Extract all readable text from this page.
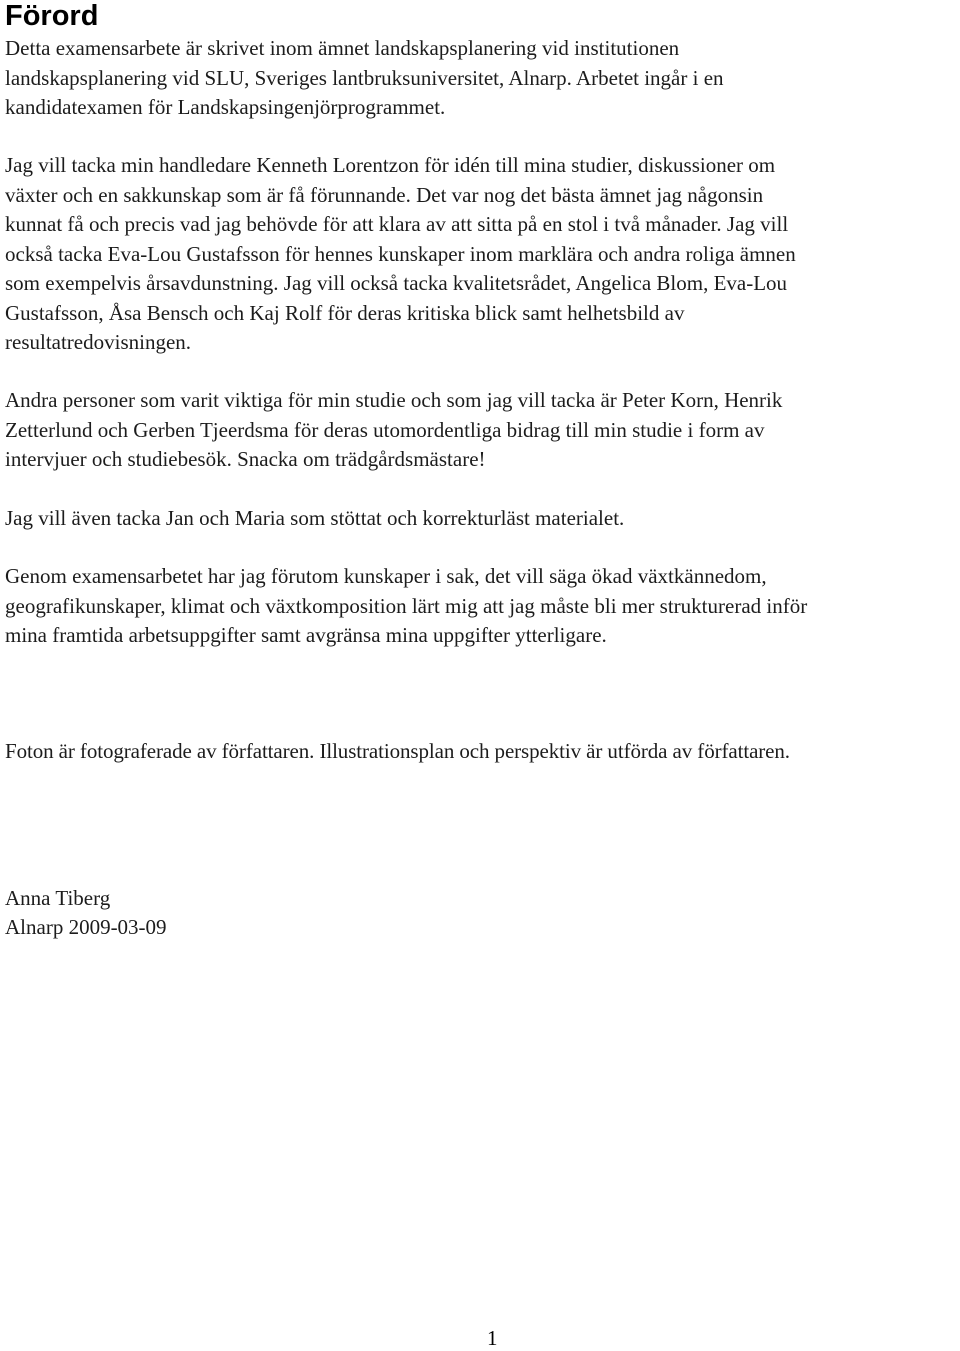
Förord

Detta examensarbete är skrivet inom ämnet landskapsplanering vid institutionen
landskapsplanering vid SLU, Sveriges lantbruksuniversitet, Alnarp. Arbetet ingår i en
kandidatexamen för Landskapsingenjörprogrammet.

Jag vill tacka min handledare Kenneth Lorentzon för idén till mina studier, diskussioner om
växter och en sakkunskap som är få förunnande. Det var nog det bästa ämnet jag någonsin
kunnat få och precis vad jag behövde för att klara av att sitta på en stol i två månader. Jag vill
också tacka Eva-Lou Gustafsson för hennes kunskaper inom marklära och andra roliga ämnen
som exempelvis årsavdunstning. Jag vill också tacka kvalitetsrådet, Angelica Blom, Eva-Lou
Gustafsson, Åsa Bensch och Kaj Rolf för deras kritiska blick samt helhetsbild av
resultatredovisningen.

Andra personer som varit viktiga för min studie och som jag vill tacka är Peter Korn, Henrik
Zetterlund och Gerben Tjeerdsma för deras utomordentliga bidrag till min studie i form av
intervjuer och studiebesök. Snacka om trädgårdsmästare!

Jag vill även tacka Jan och Maria som stöttat och korrekturläst materialet.

Genom examensarbetet har jag förutom kunskaper i sak, det vill säga ökad växtkännedom,
geografikunskaper, klimat och växtkomposition lärt mig att jag måste bli mer strukturerad inför
mina framtida arbetsuppgifter samt avgränsa mina uppgifter ytterligare.

Foton är fotograferade av författaren. Illustrationsplan och perspektiv är utförda av författaren.

Anna Tiberg
Alnarp 2009-03-09
1
